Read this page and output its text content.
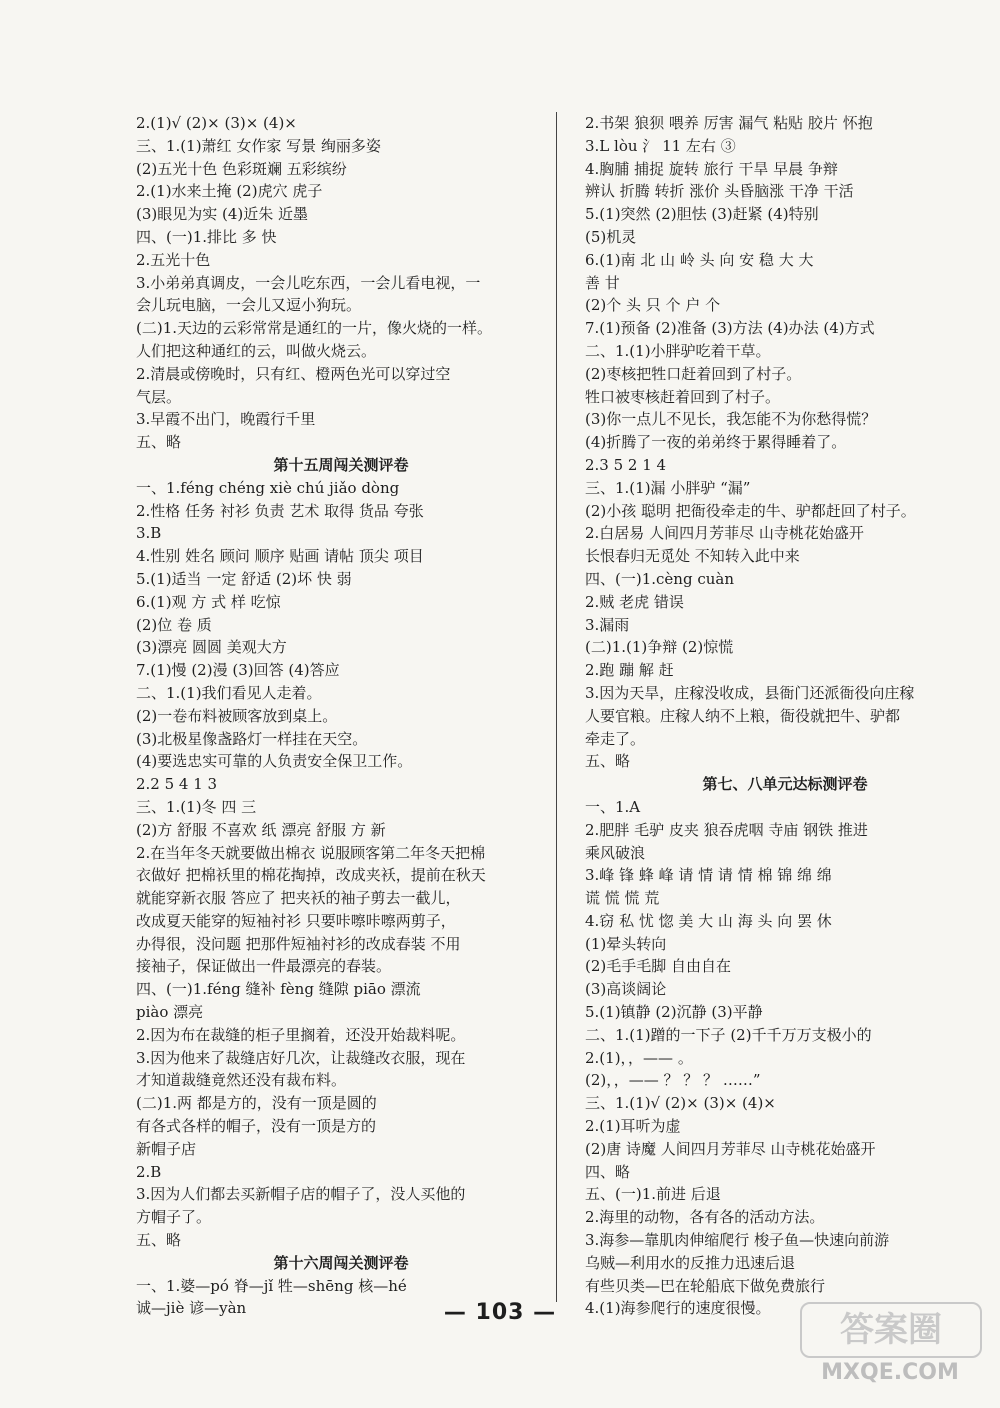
2.(1)√ (2)× (3)× (4)×
三、1.(1)萧红 女作家 写景 绚丽多姿
(2)五光十色 色彩斑斓 五彩缤纷
2.(1)水来土掩 (2)虎穴 虎子
(3)眼见为实 (4)近朱 近墨
四、(一)1.排比 多 快
2.五光十色
3.小弟弟真调皮，一会儿吃东西，一会儿看电视，一
会儿玩电脑，一会儿又逗小狗玩。
(二)1.天边的云彩常常是通红的一片，像火烧的一样。
人们把这种通红的云，叫做火烧云。
2.清晨或傍晚时，只有红、橙两色光可以穿过空
气层。
3.早霞不出门，晚霞行千里
五、略
第十五周闯关测评卷
一、1.féng chéng xiè chú jiǎo dòng
2.性格 任务 衬衫 负责 艺术 取得 货品 夸张
3.B
4.性别 姓名 顾问 顺序 贴画 请帖 顶尖 项目
5.(1)适当 一定 舒适 (2)坏 快 弱
6.(1)观 方 式 样 吃惊
(2)位 卷 质
(3)漂亮 圆圆 美观大方
7.(1)慢 (2)漫 (3)回答 (4)答应
二、1.(1)我们看见人走着。
(2)一卷布料被顾客放到桌上。
(3)北极星像盏路灯一样挂在天空。
(4)要选忠实可靠的人负责安全保卫工作。
2.2 5 4 1 3
三、1.(1)冬 四 三
(2)方 舒服 不喜欢 纸 漂亮 舒服 方 新
2.在当年冬天就要做出棉衣 说服顾客第二年冬天把棉
衣做好 把棉袄里的棉花掏掉，改成夹袄，提前在秋天
就能穿新衣服 答应了 把夹袄的袖子剪去一截儿，
改成夏天能穿的短袖衬衫 只要咔嚓咔嚓两剪子，
办得很，没问题 把那件短袖衬衫的改成春装 不用
接袖子，保证做出一件最漂亮的春装。
四、(一)1.féng 缝补 fèng 缝隙 piāo 漂流
piào 漂亮
2.因为布在裁缝的柜子里搁着，还没开始裁料呢。
3.因为他来了裁缝店好几次，让裁缝改衣服，现在
才知道裁缝竟然还没有裁布料。
(二)1.两 都是方的，没有一顶是圆的
有各式各样的帽子，没有一顶是方的
新帽子店
2.B
3.因为人们都去买新帽子店的帽子了，没人买他的
方帽子了。
五、略
第十六周闯关测评卷
一、1.婆—pó 脊—jǐ 牲—shēng 核—hé
诚—jiè 谚—yàn
2.书架 狼狈 喂养 厉害 漏气 粘贴 胶片 怀抱
3.L lòu 氵 11 左右 ③
4.胸脯 捕捉 旋转 旅行 干旱 早晨 争辩
辨认 折腾 转折 涨价 头昏脑涨 干净 干活
5.(1)突然 (2)胆怯 (3)赶紧 (4)特别
(5)机灵
6.(1)南 北 山 岭 头 向 安 稳 大 大
善 甘
(2)个 头 只 个 户 个
7.(1)预备 (2)准备 (3)方法 (4)办法 (4)方式
二、1.(1)小胖驴吃着干草。
(2)枣核把牲口赶着回到了村子。
牲口被枣核赶着回到了村子。
(3)你一点儿不见长，我怎能不为你愁得慌？
(4)折腾了一夜的弟弟终于累得睡着了。
2.3 5 2 1 4
三、1.(1)漏 小胖驴 “漏”
(2)小孩 聪明 把衙役牵走的牛、驴都赶回了村子。
2.白居易 人间四月芳菲尽 山寺桃花始盛开
长恨春归无觅处 不知转入此中来
四、(一)1.cèng cuàn
2.贼 老虎 错误
3.漏雨
(二)1.(1)争辩 (2)惊慌
2.跑 蹦 解 赶
3.因为天旱，庄稼没收成，县衙门还派衙役向庄稼
人要官粮。庄稼人纳不上粮，衙役就把牛、驴都
牵走了。
五、略
第七、八单元达标测评卷
一、1.A
2.肥胖 毛驴 皮夹 狼吞虎咽 寺庙 钢铁 推进
乘风破浪
3.峰 锋 蜂 峰 请 情 请 情 棉 锦 绵 绵
谎 慌 慌 荒
4.窃 私 忧 惚 美 大 山 海 头 向 罢 休
(1)晕头转向
(2)毛手毛脚 自由自在
(3)高谈阔论
5.(1)镇静 (2)沉静 (3)平静
二、1.(1)蹭的一下子 (2)千千万万支极小的
2.(1)，，—— 。
(2)，，—— ？ ？ ？ ……”
三、1.(1)√ (2)× (3)× (4)×
2.(1)耳听为虚
(2)唐 诗魔 人间四月芳菲尽 山寺桃花始盛开
四、略
五、(一)1.前进 后退
2.海里的动物，各有各的活动方法。
3.海参—靠肌肉伸缩爬行 梭子鱼—快速向前游
乌贼—利用水的反推力迅速后退
有些贝类—巴在轮船底下做免费旅行
4.(1)海参爬行的速度很慢。
— 103 —	答案圈
MXQE.COM
